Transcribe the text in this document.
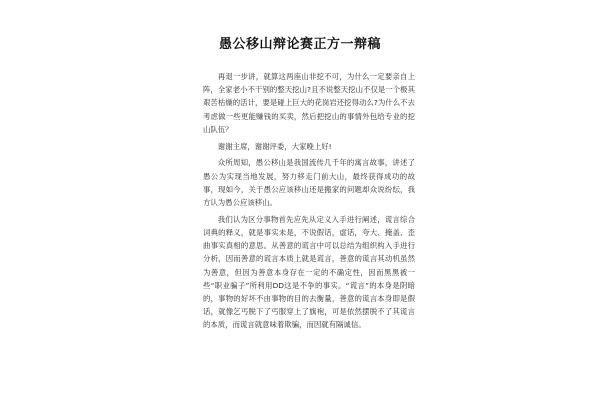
愚公移山辩论赛正方一辩稿

再退一步讲，就算这两座山非挖不可，为什么一定要亲自上阵，全家老小不干别的整天挖山?且不说整天挖山不仅是一个极其艰苦枯燥的活计，要是碰上巨大的花岗岩还挖得动么?为什么不去考虑做一些更能赚钱的买卖，然后把挖山的事情外包给专业的挖山队伍？

谢谢主席，谢谢评委，大家晚上好!

众所周知，愚公移山是我国流传几千年的寓言故事，讲述了愚公为实现当地发展，努力移走门前大山，最终获得成功的故事，现如今，关于愚公应该移山还是搬家的问题却众说纷纭，我方认为愚公应该移山。

我们认为区分事物首先应先从定义入手进行阐述，谎言综合词典的释义，就是事实未是，不说假话，虚话，夸大、掩盖、歪曲事实真相的意思。从善意的谎言中可以总结为组织构入手进行分析，因而善意的谎言本质上就是谎言，善意的谎言其动机虽然为善意，但因为善意本身存在一定的不确定性，因而黑黑被一些“职业骗子”所利用DD这是不争的事实。“谎言”的本身是阴暗的，事物的好坏不由事物的目的去衡量，善意的谎言本身即是假话，就像乞丐脱下了丐服穿上了旗袍，可是依然摆脱不了其谎言的本质，而谎言就意味着欺骗，而因就有隔诚信。
